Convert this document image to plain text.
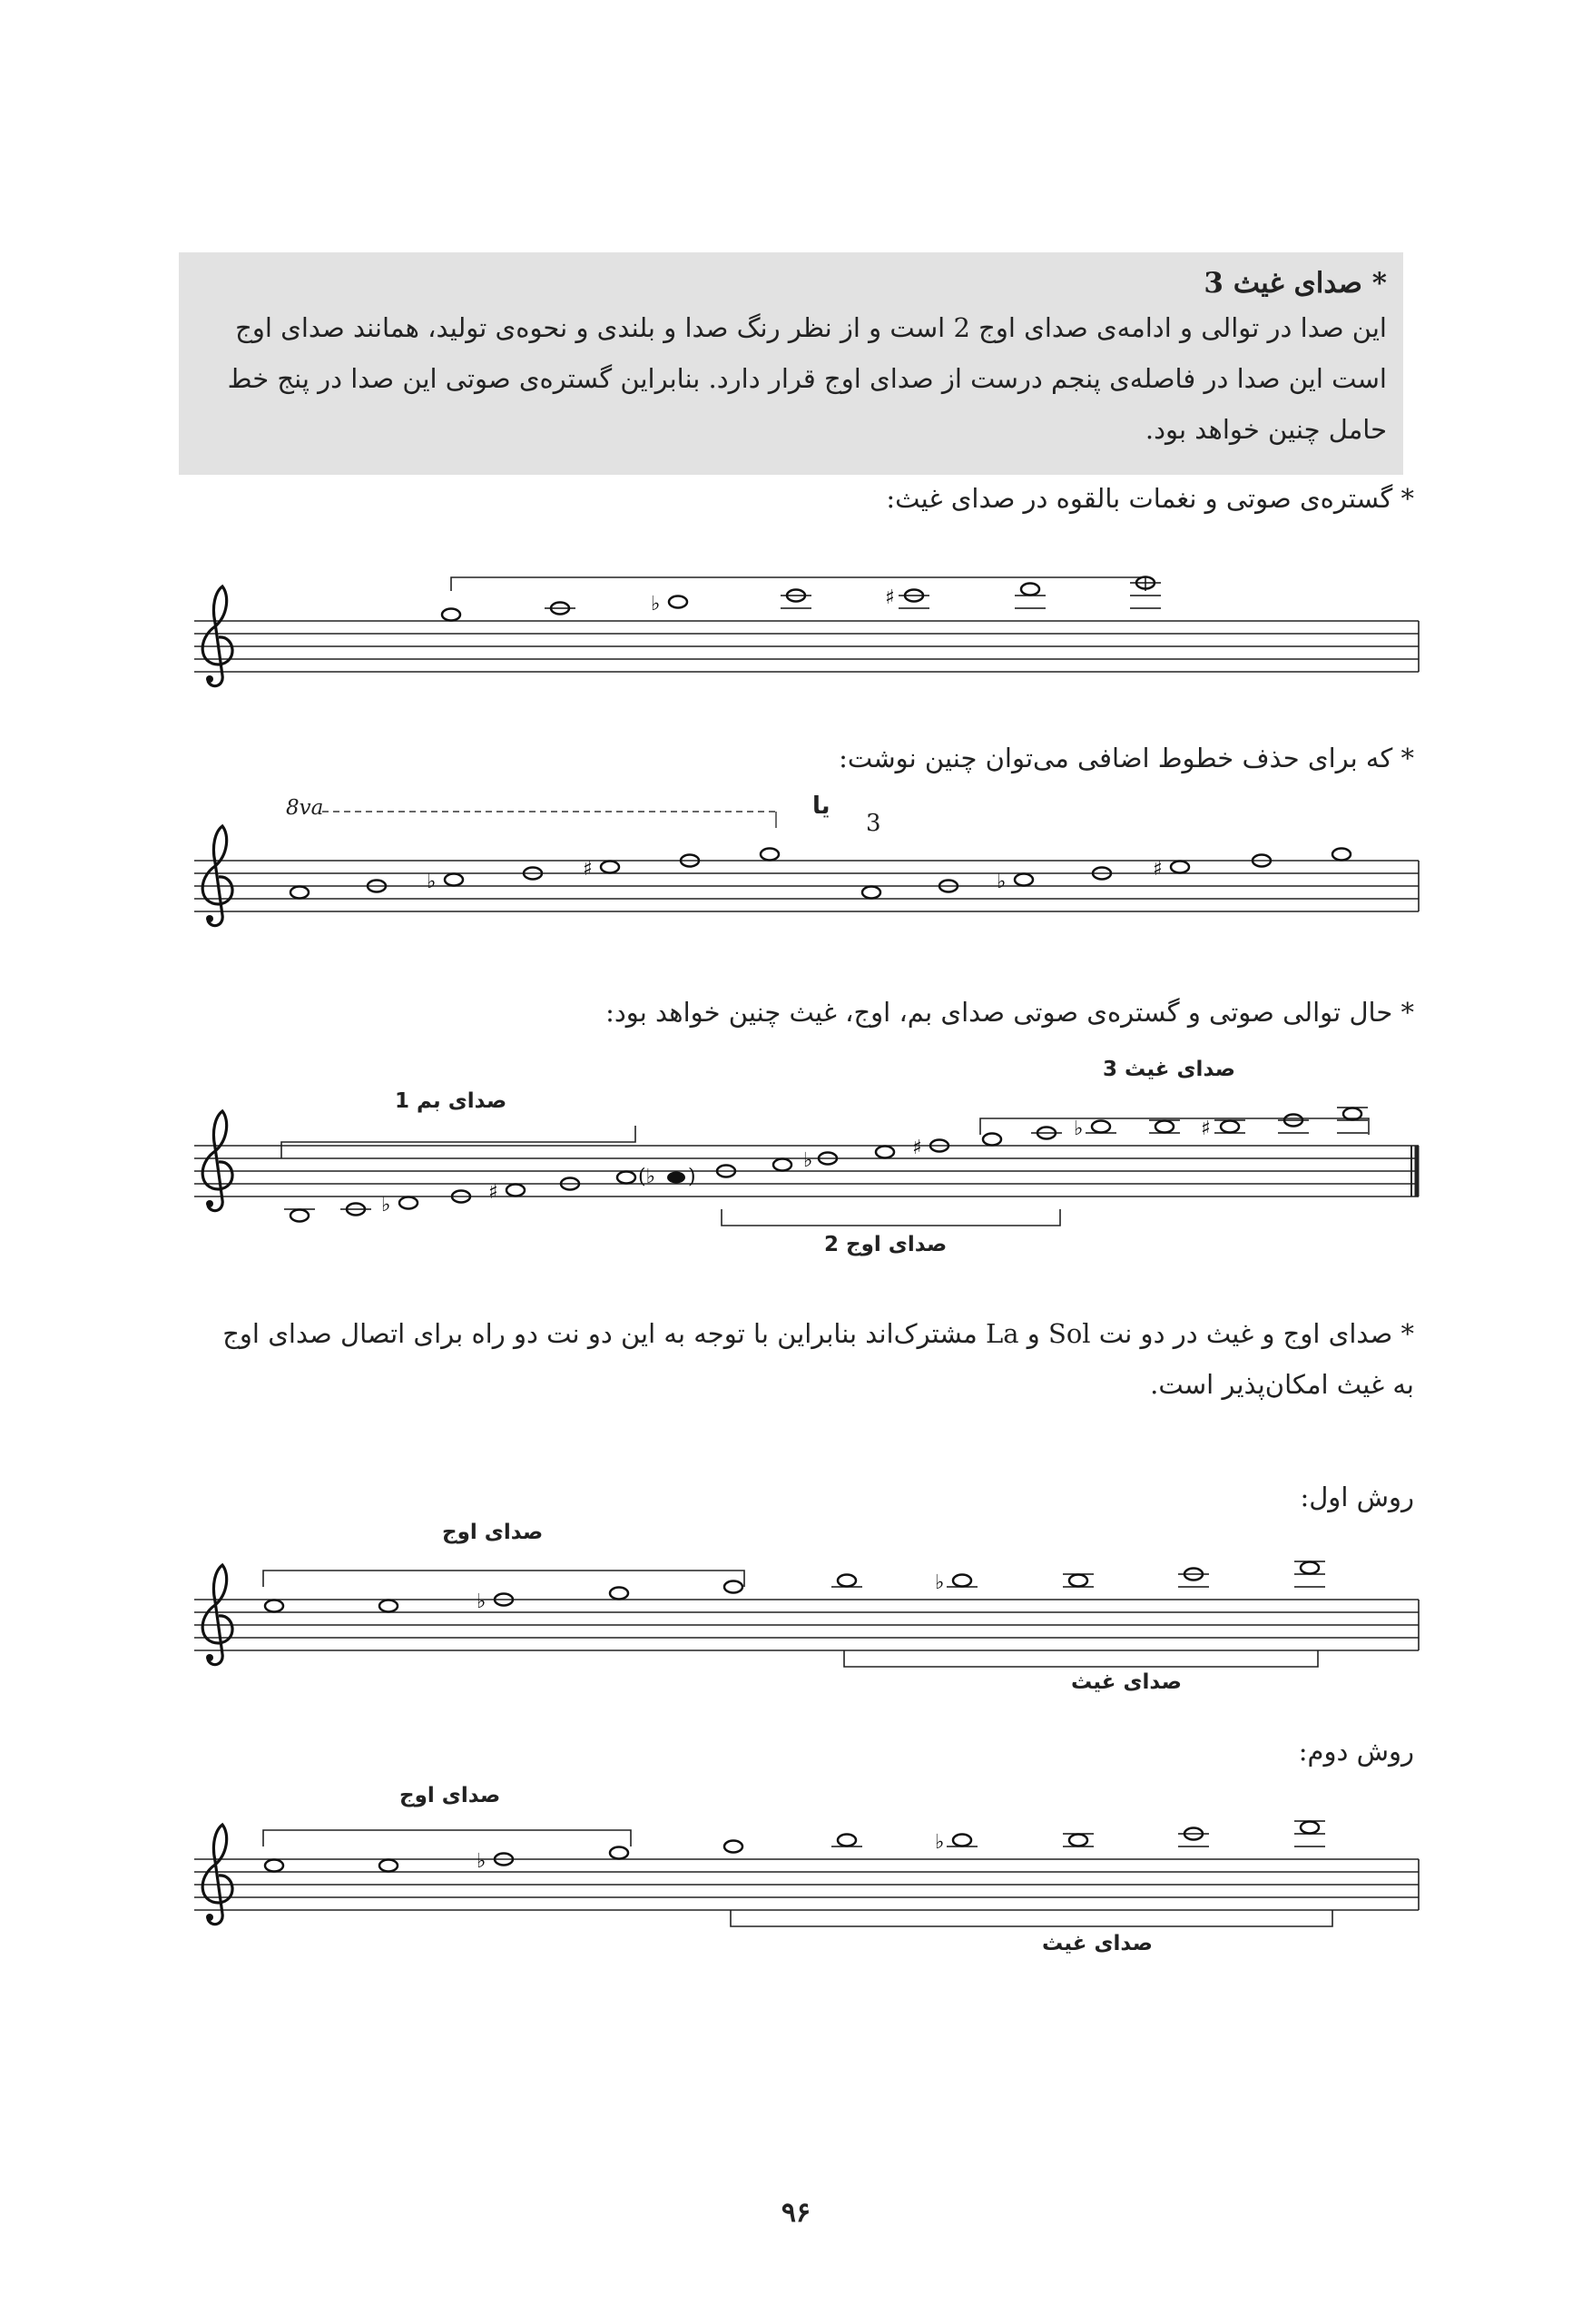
* صدای غیث 3
این صدا در توالی و ادامه‌ی صدای اوج 2 است و از نظر رنگ صدا و بلندی و نحوه‌ی تولید، همانند صدای اوج
است این صدا در فاصله‌ی پنجم درست از صدای اوج قرار دارد. بنابراین گستره‌ی صوتی این صدا در پنج خط
حامل چنین خواهد بود.
* گستره‌ی صوتی و نغمات بالقوه در صدای غیث:
* که برای حذف خطوط اضافی می‌توان چنین نوشت:
* حال توالی صوتی و گستره‌ی صوتی صدای بم، اوج، غیث چنین خواهد بود:
* صدای اوج و غیث در دو نت Sol و La مشترک‌اند بنابراین با توجه به این دو نت دو راه برای اتصال صدای اوج
به غیث امکان‌پذیر است.
روش اول:
روش دوم:
8va	یا
3
صدای بم 1
صدای غیث 3
صدای اوج 2
صدای اوج
صدای غیث
صدای اوج
صدای غیث
♭	♯
♭
♯
♭
♯
♭
♯
(♭ )
♭
♯
♭	♯
♭
♭
♭
♭
۹۶
